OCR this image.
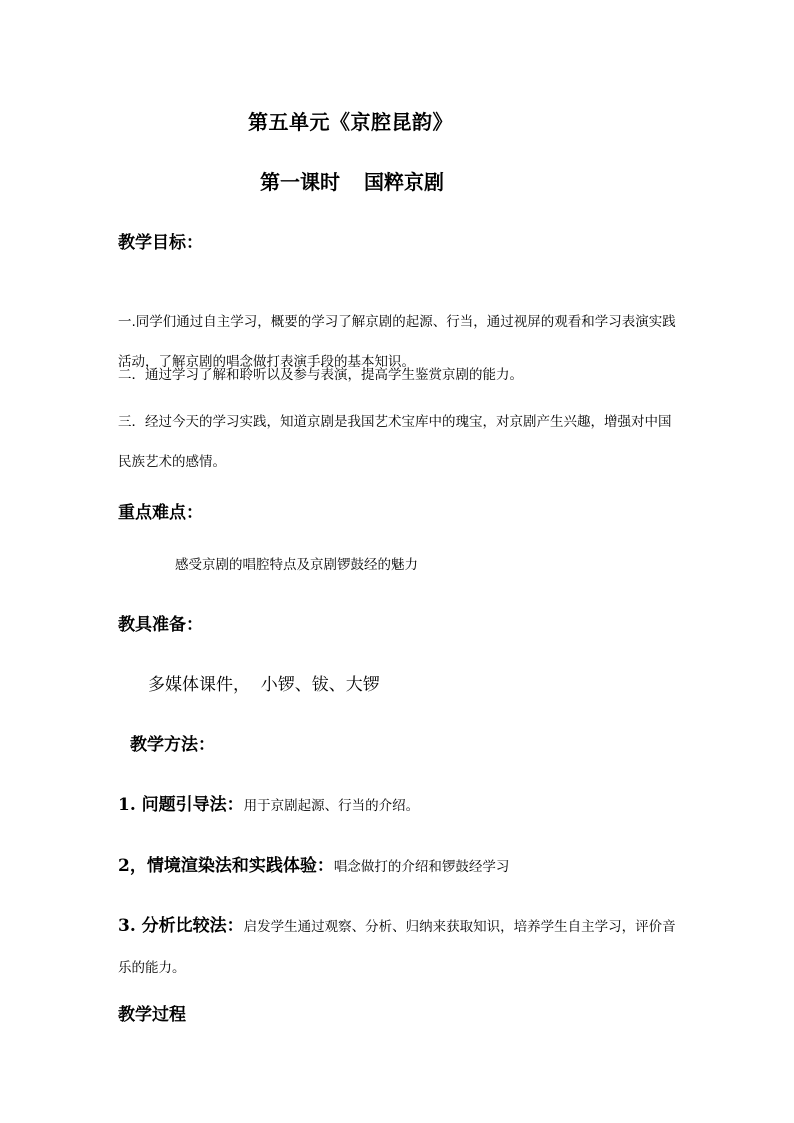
第五单元《京腔昆韵》
第一课时 国粹京剧
教学目标：
一.同学们通过自主学习，概要的学习了解京剧的起源、行当，通过视屏的观看和学习表演实践活动，了解京剧的唱念做打表演手段的基本知识。
二．通过学习了解和聆听以及参与表演，提高学生鉴赏京剧的能力。
三．经过今天的学习实践，知道京剧是我国艺术宝库中的瑰宝，对京剧产生兴趣，增强对中国民族艺术的感情。
重点难点：
感受京剧的唱腔特点及京剧锣鼓经的魅力
教具准备：
多媒体课件，  小锣、钹、大锣
教学方法：
1. 问题引导法：用于京剧起源、行当的介绍。
2，情境渲染法和实践体验：唱念做打的介绍和锣鼓经学习
3. 分析比较法：启发学生通过观察、分析、归纳来获取知识，培养学生自主学习，评价音乐的能力。
教学过程
